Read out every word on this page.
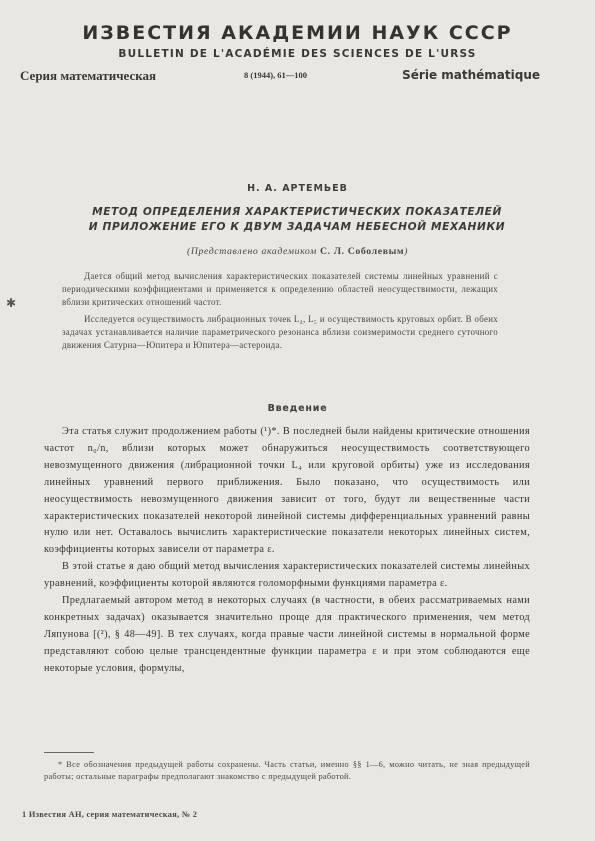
ИЗВЕСТИЯ АКАДЕМИИ НАУК СССР
BULLETIN DE L'ACADÉMIE DES SCIENCES DE L'URSS
Серия математическая	8 (1944), 61—100	Série mathématique
Н. А. АРТЕМЬЕВ
МЕТОД ОПРЕДЕЛЕНИЯ ХАРАКТЕРИСТИЧЕСКИХ ПОКАЗАТЕЛЕЙ
И ПРИЛОЖЕНИЕ ЕГО К ДВУМ ЗАДАЧАМ НЕБЕСНОЙ МЕХАНИКИ
(Представлено академиком С. Л. Соболевым)
✱

Дается общий метод вычисления характеристических показателей системы линейных уравнений с периодическими коэффициентами и применяется к определению областей неосуществимости, лежащих вблизи критических отношений частот.

Исследуется осуществимость либрационных точек L₄, L₅ и осуществимость круговых орбит. В обеих задачах устанавливается наличие параметрического резонанса вблизи соизмеримости среднего суточного движения Сатурна—Юпитера и Юпитера—астероида.

Введение

Эта статья служит продолжением работы (¹)*. В последней были найдены критические отношения частот n₀/n, вблизи которых может обнаружиться неосуществимость соответствующего невозмущенного движения (либрационной точки L₄ или круговой орбиты) уже из исследования линейных уравнений первого приближения. Было показано, что осуществимость или неосуществимость невозмущенного движения зависит от того, будут ли вещественные части характеристических показателей некоторой линейной системы дифференциальных уравнений равны нулю или нет. Оставалось вычислить характеристические показатели некоторых линейных систем, коэффициенты которых зависели от параметра ε.

В этой статье я даю общий метод вычисления характеристических показателей системы линейных уравнений, коэффициенты которой являются голоморфными функциями параметра ε.

Предлагаемый автором метод в некоторых случаях (в частности, в обеих рассматриваемых нами конкретных задачах) оказывается значительно проще для практического применения, чем метод Ляпунова [(²), § 48—49]. В тех случаях, когда правые части линейной системы в нормальной форме представляют собою целые трансцендентные функции параметра ε и при этом соблюдаются еще некоторые условия, формулы,

* Все обозначения предыдущей работы сохранены. Часть статьи, именно §§ 1—6, можно читать, не зная предыдущей работы; остальные параграфы предполагают знакомство с предыдущей работой.

1 Известия АН, серия математическая, № 2
